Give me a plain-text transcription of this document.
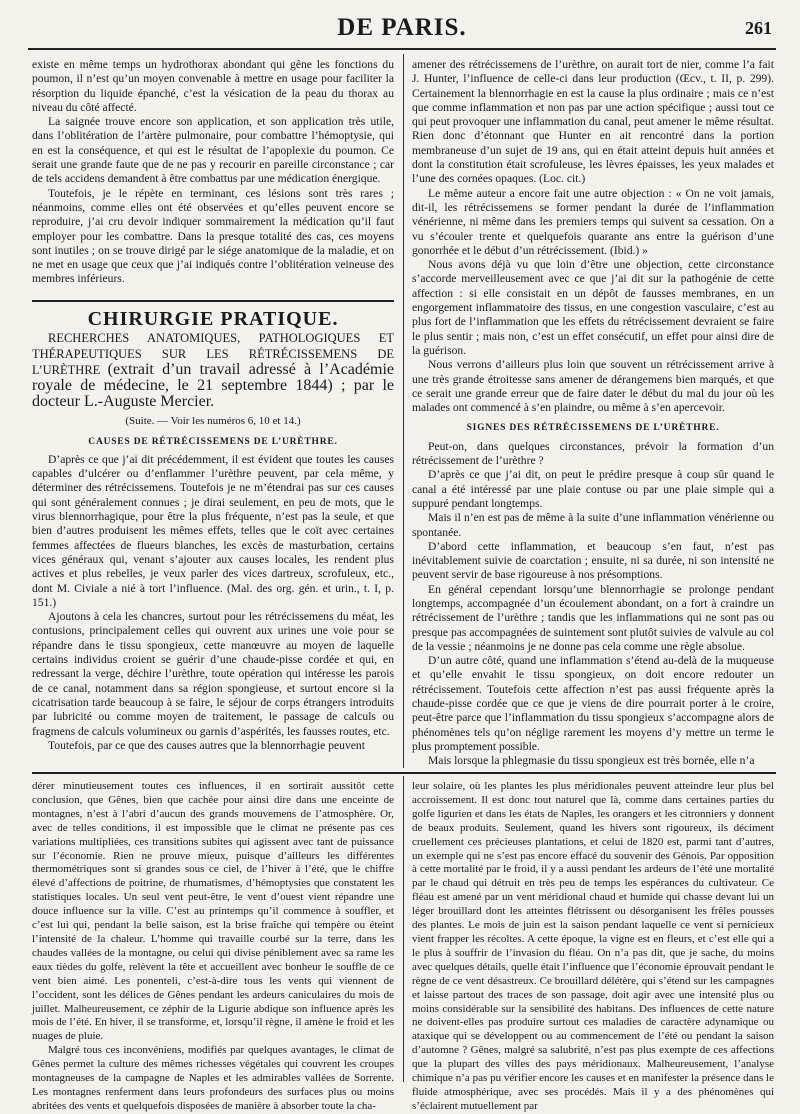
DE PARIS.	261

existe en même temps un hydrothorax abondant qui gêne les fonctions du poumon, il n’est qu’un moyen convenable à mettre en usage pour faciliter la résorption du liquide épanché, c’est la vésication de la peau du thorax au niveau du côté affecté.

La saignée trouve encore son application, et son application très utile, dans l’oblitération de l’artère pulmonaire, pour combattre l’hémoptysie, qui en est la conséquence, et qui est le résultat de l’apoplexie du poumon. Ce serait une grande faute que de ne pas y recourir en pareille circonstance ; car de tels accidens demandent à être combattus par une médication énergique.

Toutefois, je le répète en terminant, ces lésions sont très rares ; néanmoins, comme elles ont été observées et qu’elles peuvent encore se reproduire, j’ai cru devoir indiquer sommairement la médication qu’il faut employer pour les combattre. Dans la presque totalité des cas, ces moyens sont inutiles ; on se trouve dirigé par le siége anatomique de la maladie, et on ne met en usage que ceux que j’ai indiqués contre l’oblitération veineuse des membres inférieurs.

CHIRURGIE PRATIQUE.

RECHERCHES ANATOMIQUES, PATHOLOGIQUES ET THÉRAPEUTIQUES SUR LES RÉTRÉCISSEMENS DE L’URÈTHRE (extrait d’un travail adressé à l’Académie royale de médecine, le 21 septembre 1844) ; par le docteur L.-Auguste Mercier.

(Suite. — Voir les numéros 6, 10 et 14.)
CAUSES DE RÉTRÉCISSEMENS DE L’URÈTHRE.

D’après ce que j’ai dit précédemment, il est évident que toutes les causes capables d’ulcérer ou d’enflammer l’urèthre peuvent, par cela même, y déterminer des rétrécissemens. Toutefois je ne m’étendrai pas sur ces causes qui sont généralement connues ; je dirai seulement, en peu de mots, que le virus blennorrhagique, pour être la plus fréquente, n’est pas la seule, et que bien d’autres produisent les mêmes effets, telles que le coït avec certaines femmes affectées de flueurs blanches, les excès de masturbation, certains vices généraux qui, venant s’ajouter aux causes locales, les rendent plus actives et plus rebelles, je veux parler des vices dartreux, scrofuleux, etc., dont M. Civiale a nié à tort l’influence. (Mal. des org. gén. et urin., t. I, p. 151.)

Ajoutons à cela les chancres, surtout pour les rétrécissemens du méat, les contusions, principalement celles qui ouvrent aux urines une voie pour se répandre dans le tissu spongieux, cette manœuvre au moyen de laquelle certains individus croient se guérir d’une chaude-pisse cordée et qui, en redressant la verge, déchire l’urèthre, toute opération qui intéresse les parois de ce canal, notamment dans sa région spongieuse, et surtout encore si la cicatrisation tarde beaucoup à se faire, le séjour de corps étrangers introduits par lubricité ou comme moyen de traitement, le passage de calculs ou fragmens de calculs volumineux ou garnis d’aspérités, les fausses routes, etc.

Toutefois, par ce que des causes autres que la blennorrhagie peuvent

amener des rétrécissemens de l’urèthre, on aurait tort de nier, comme l’a fait J. Hunter, l’influence de celle-ci dans leur production (Œcv., t. II, p. 299). Certainement la blennorrhagie en est la cause la plus ordinaire ; mais ce n’est que comme inflammation et non pas par une action spécifique ; aussi tout ce qui peut provoquer une inflammation du canal, peut amener le même résultat. Rien donc d’étonnant que Hunter en ait rencontré dans la portion membraneuse d’un sujet de 19 ans, qui en était atteint depuis huit années et dont la constitution était scrofuleuse, les lèvres épaisses, les yeux malades et l’une des cornées opaques. (Loc. cit.)

Le même auteur a encore fait une autre objection : « On ne voit jamais, dit-il, les rétrécissemens se former pendant la durée de l’inflammation vénérienne, ni même dans les premiers temps qui suivent sa cessation. On a vu s’écouler trente et quelquefois quarante ans entre la guérison d’une gonorrhée et le début d’un rétrécissement. (Ibid.) »

Nous avons déjà vu que loin d’être une objection, cette circonstance s’accorde merveilleusement avec ce que j’ai dit sur la pathogénie de cette affection : si elle consistait en un dépôt de fausses membranes, en un engorgement inflammatoire des tissus, en une congestion vasculaire, c’est au plus fort de l’inflammation que les effets du rétrécissement devraient se faire le plus sentir ; mais non, c’est un effet consécutif, un effet pour ainsi dire de la guérison.

Nous verrons d’ailleurs plus loin que souvent un rétrécissement arrive à une très grande étroitesse sans amener de dérangemens bien marqués, et que ce serait une grande erreur que de faire dater le début du mal du jour où les malades ont commencé à s’en plaindre, ou même à s’en apercevoir.

SIGNES DES RÉTRÉCISSEMENS DE L’URÈTHRE.

Peut-on, dans quelques circonstances, prévoir la formation d’un rétrécissement de l’urèthre ?

D’après ce que j’ai dit, on peut le prédire presque à coup sûr quand le canal a été intéressé par une plaie contuse ou par une plaie simple qui a suppuré pendant longtemps.

Mais il n’en est pas de même à la suite d’une inflammation vénérienne ou spontanée.

D’abord cette inflammation, et beaucoup s’en faut, n’est pas inévitablement suivie de coarctation ; ensuite, ni sa durée, ni son intensité ne peuvent servir de base rigoureuse à nos présomptions.

En général cependant lorsqu’une blennorrhagie se prolonge pendant longtemps, accompagnée d’un écoulement abondant, on a fort à craindre un rétrécissement de l’urèthre ; tandis que les inflammations qui ne sont pas ou presque pas accompagnées de suintement sont plutôt suivies de valvule au col de la vessie ; néanmoins je ne donne pas cela comme une règle absolue.

D’un autre côté, quand une inflammation s’étend au-delà de la muqueuse et qu’elle envahit le tissu spongieux, on doit encore redouter un rétrécissement. Toutefois cette affection n’est pas aussi fréquente après la chaude-pisse cordée que ce que je viens de dire pourrait porter à le croire, peut-être parce que l’inflammation du tissu spongieux s’accompagne alors de phénomènes tels qu’on néglige rarement les moyens d’y mettre un terme le plus promptement possible.

Mais lorsque la phlegmasie du tissu spongieux est très bornée, elle n’a

dérer minutieusement toutes ces influences, il en sortirait aussitôt cette conclusion, que Gênes, bien que cachée pour ainsi dire dans une enceinte de montagnes, n’est à l’abri d’aucun des grands mouvemens de l’atmosphère. Or, avec de telles conditions, il est impossible que le climat ne présente pas ces variations multipliées, ces transitions subites qui agissent avec tant de puissance sur l’économie. Rien ne prouve mieux, puisque d’ailleurs les différentes thermométriques sont si grandes sous ce ciel, de l’hiver à l’été, que le chiffre élevé d’affections de poitrine, de rhumatismes, d’hémoptysies que constatent les statistiques locales. Un seul vent peut-être, le vent d’ouest vient répandre une douce influence sur la ville. C’est au printemps qu’il commence à souffler, et c’est lui qui, pendant la belle saison, est la brise fraîche qui tempère ou éteint l’intensité de la chaleur. L’homme qui travaille courbé sur la terre, dans les chaudes vallées de la montagne, ou celui qui divise péniblement avec sa rame les eaux tièdes du golfe, relèvent la tête et accueillent avec bonheur le souffle de ce vent bien aimé. Les ponenteli, c’est-à-dire tous les vents qui viennent de l’occident, sont les délices de Gênes pendant les ardeurs caniculaires du mois de juillet. Malheureusement, ce zéphir de la Ligurie abdique son influence après les mois de l’été. En hiver, il se transforme, et, lorsqu’il règne, il amène le froid et les nuages de pluie.

Malgré tous ces inconvéniens, modifiés par quelques avantages, le climat de Gênes permet la culture des mêmes richesses végétales qui couvrent les croupes montagneuses de la campagne de Naples et les admirables vallées de Sorrente. Les montagnes renferment dans leurs profondeurs des surfaces plus ou moins abritées des vents et quelquefois disposées de manière à absorber toute la cha-

leur solaire, où les plantes les plus méridionales peuvent atteindre leur plus bel accroissement. Il est donc tout naturel que là, comme dans certaines parties du golfe ligurien et dans les états de Naples, les orangers et les citronniers y donnent de beaux produits. Seulement, quand les hivers sont rigoureux, ils déciment cruellement ces précieuses plantations, et celui de 1820 est, parmi tant d’autres, un exemple qui ne s’est pas encore effacé du souvenir des Génois. Par opposition à cette mortalité par le froid, il y a aussi pendant les ardeurs de l’été une mortalité par le chaud qui détruit en très peu de temps les espérances du cultivateur. Ce fléau est amené par un vent méridional chaud et humide qui chasse devant lui un léger brouillard dont les atteintes flétrissent ou désorganisent les frêles pousses des plantes. Le mois de juin est la saison pendant laquelle ce vent si pernicieux vient frapper les récoltes. A cette époque, la vigne est en fleurs, et c’est elle qui a le plus à souffrir de l’invasion du fléau. On n’a pas dit, que je sache, du moins avec quelques détails, quelle était l’influence que l’économie éprouvait pendant le règne de ce vent désastreux. Ce brouillard délétère, qui s’étend sur les campagnes et laisse partout des traces de son passage, doit agir avec une intensité plus ou moins considérable sur la sensibilité des habitans. Des influences de cette nature ne doivent-elles pas produire surtout ces maladies de caractère adynamique ou ataxique qui se développent ou au commencement de l’été ou pendant la saison d’automne ? Gênes, malgré sa salubrité, n’est pas plus exempte de ces affections que la plupart des villes des pays méridionaux. Malheureusement, l’analyse chimique n’a pas pu vérifier encore les causes et en manifester la présence dans le fluide atmosphérique, avec ses procédés. Mais il y a des phénomènes qui s’éclairent mutuellement par
